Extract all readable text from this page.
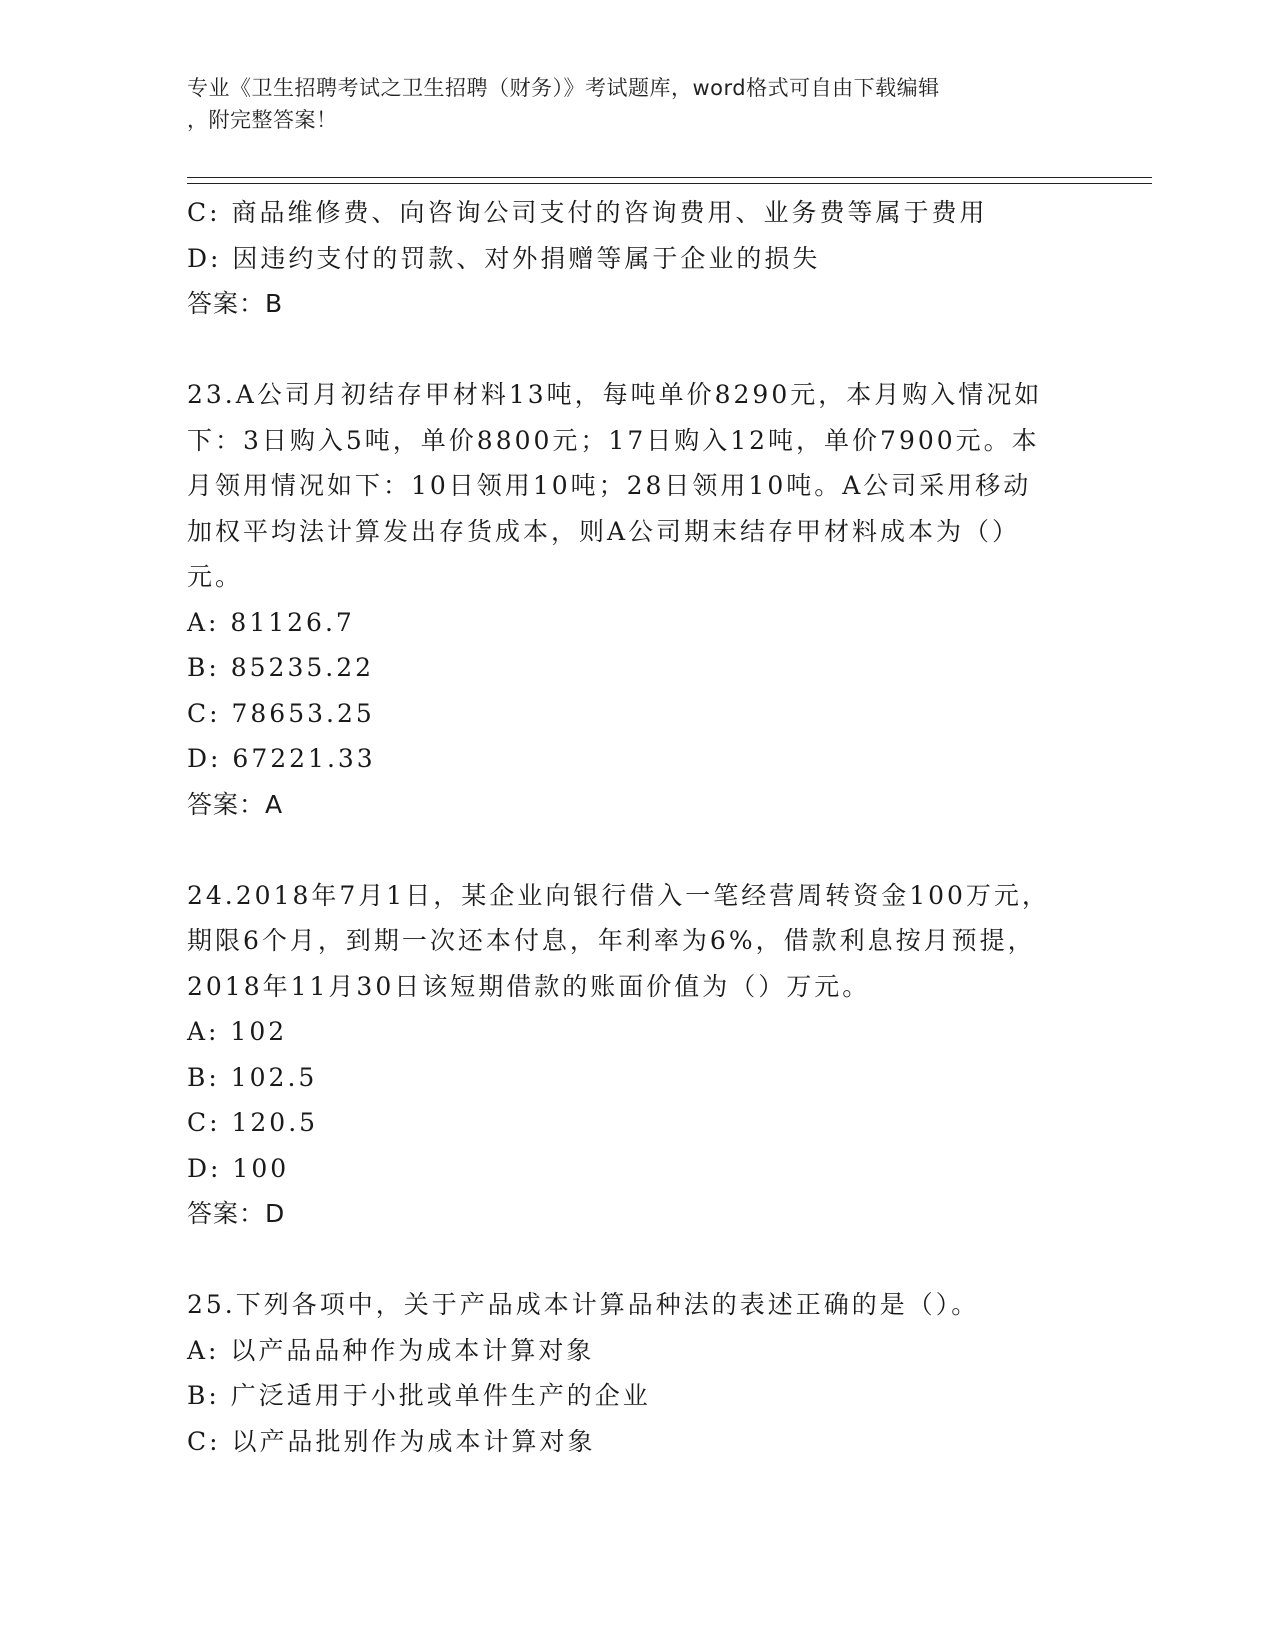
专业《卫生招聘考试之卫生招聘（财务）》考试题库，word格式可自由下载编辑
，附完整答案！
C: 商品维修费、向咨询公司支付的咨询费用、业务费等属于费用
D: 因违约支付的罚款、对外捐赠等属于企业的损失
答案：B
23.A公司月初结存甲材料13吨，每吨单价8290元，本月购入情况如
下：3日购入5吨，单价8800元；17日购入12吨，单价7900元。本
月领用情况如下：10日领用10吨；28日领用10吨。A公司采用移动
加权平均法计算发出存货成本，则A公司期末结存甲材料成本为（）
元。
A: 81126.7
B: 85235.22
C: 78653.25
D: 67221.33
答案：A
24.2018年7月1日，某企业向银行借入一笔经营周转资金100万元，
期限6个月，到期一次还本付息，年利率为6%，借款利息按月预提，
2018年11月30日该短期借款的账面价值为（）万元。
A: 102
B: 102.5
C: 120.5
D: 100
答案：D
25.下列各项中，关于产品成本计算品种法的表述正确的是（）。
A: 以产品品种作为成本计算对象
B: 广泛适用于小批或单件生产的企业
C: 以产品批别作为成本计算对象
